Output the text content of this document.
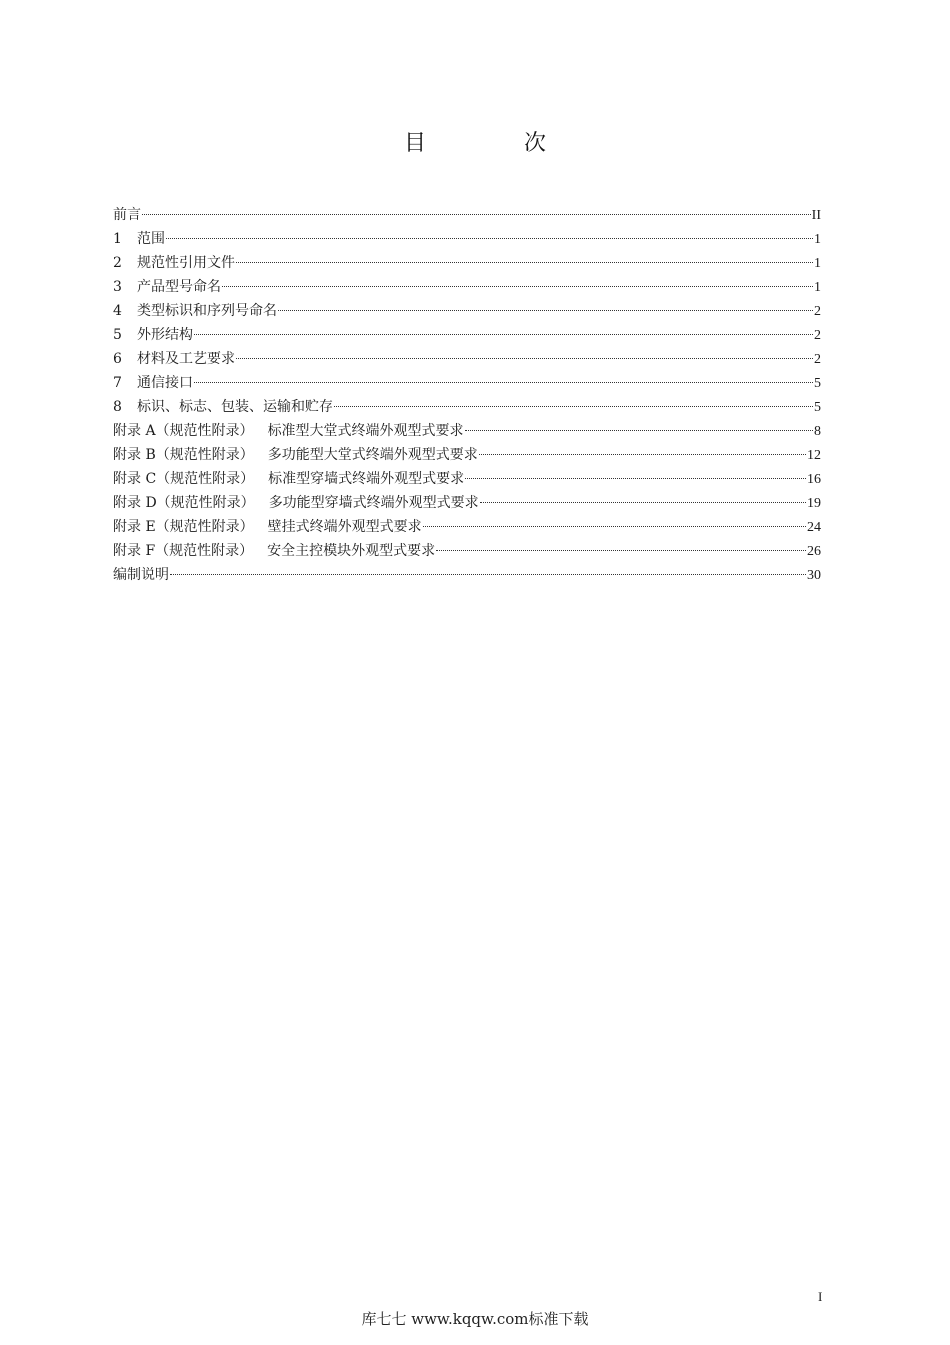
目　次
前言	II
1	范围	1
2	规范性引用文件	1
3	产品型号命名	1
4	类型标识和序列号命名	2
5	外形结构	2
6	材料及工艺要求	2
7	通信接口	5
8	标识、标志、包装、运输和贮存	5
附录 A（规范性附录） 标准型大堂式终端外观型式要求	8
附录 B（规范性附录） 多功能型大堂式终端外观型式要求	12
附录 C（规范性附录） 标准型穿墙式终端外观型式要求	16
附录 D（规范性附录） 多功能型穿墙式终端外观型式要求	19
附录 E（规范性附录） 壁挂式终端外观型式要求	24
附录 F（规范性附录） 安全主控模块外观型式要求	26
编制说明	30
I
库七七 www.kqqw.com标准下载
